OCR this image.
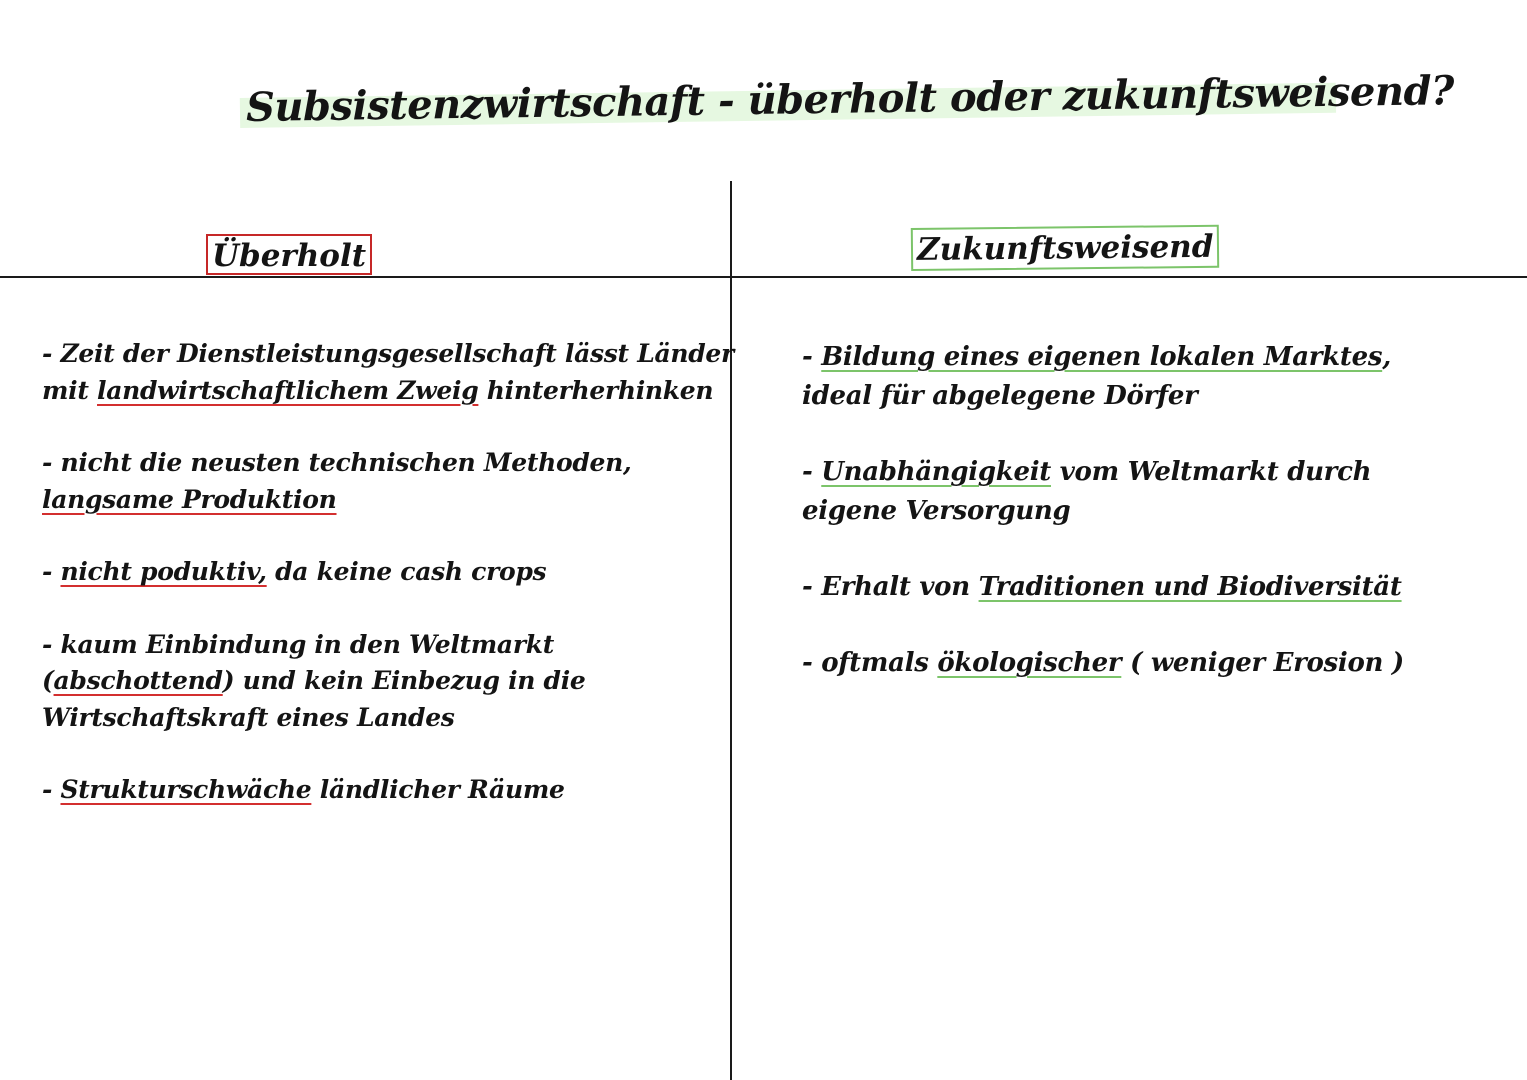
Subsistenzwirtschaft - überholt oder zukunftsweisend?
Überholt	Zukunftsweisend
- Zeit der Dienstleistungsgesellschaft lässt Länder
mit landwirtschaftlichem Zweig hinterherhinken
- nicht die neusten technischen Methoden,
langsame Produktion
- nicht poduktiv, da keine cash crops
- kaum Einbindung in den Weltmarkt
(abschottend) und kein Einbezug in die
Wirtschaftskraft eines Landes
- Strukturschwäche ländlicher Räume
- Bildung eines eigenen lokalen Marktes,
ideal für abgelegene Dörfer
- Unabhängigkeit vom Weltmarkt durch
eigene Versorgung
- Erhalt von Traditionen und Biodiversität
- oftmals ökologischer ( weniger Erosion )
